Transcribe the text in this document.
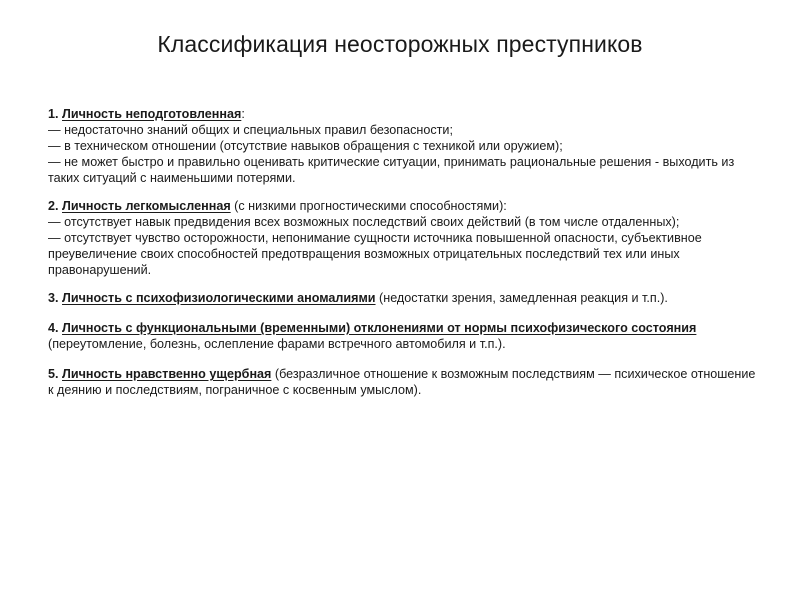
Классификация неосторожных преступников

1. Личность неподготовленная:

— недостаточно знаний общих и специальных правил безопасности;

— в техническом отношении (отсутствие навыков обращения с техникой или оружием);

— не может быстро и правильно оценивать критические ситуации, принимать рациональные решения - выходить из таких ситуаций с наименьшими потерями.

2. Личность легкомысленная (с низкими прогностическими способностями):

— отсутствует навык предвидения всех возможных последствий своих действий (в том числе отдаленных);

— отсутствует чувство осторожности, непонимание сущности источника повышенной опасности, субъективное преувеличение своих способностей предотвращения возможных отрицательных последствий тех или иных правонарушений.

3. Личность с психофизиологическими аномалиями (недостатки зрения, замедленная реакция и т.п.).

4. Личность с функциональными (временными) отклонениями от нормы психофизического состояния (переутомление, болезнь, ослепление фарами встречного автомобиля и т.п.).

5. Личность нравственно ущербная (безразличное отношение к возможным последствиям — психическое отношение к деянию и последствиям, пограничное с косвенным умыслом).
